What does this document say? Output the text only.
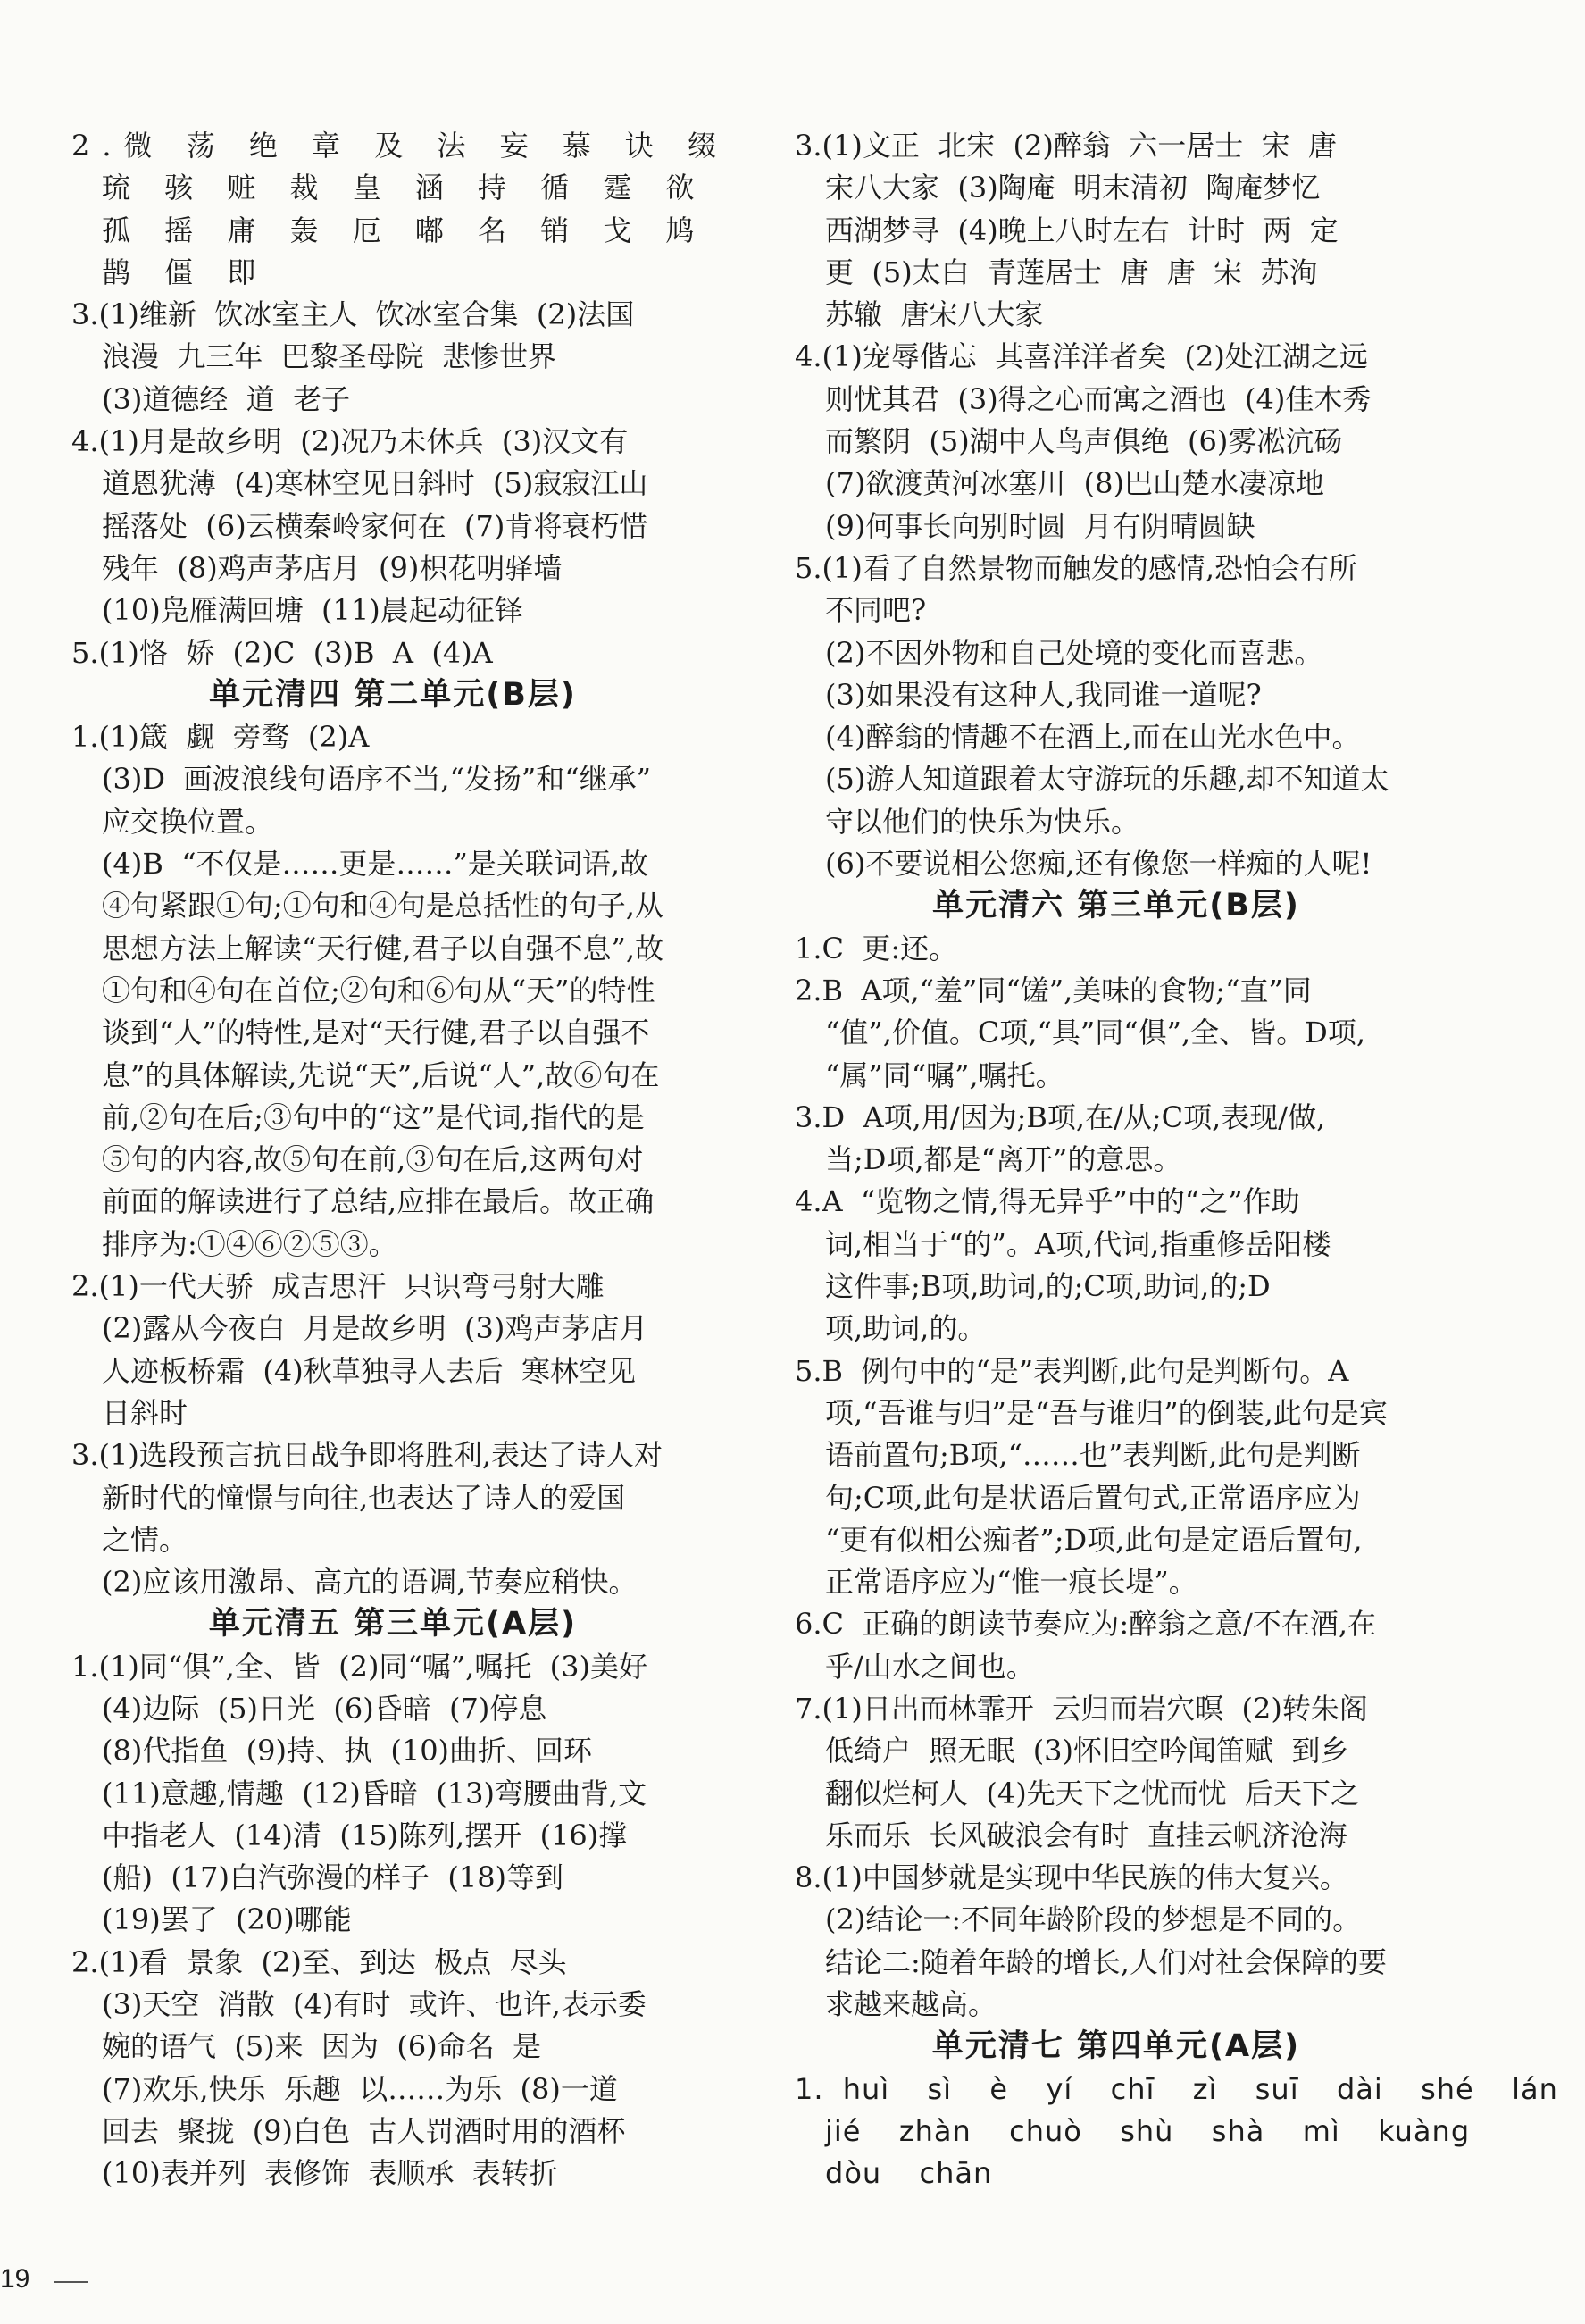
2.微 荡 绝 章 及 法 妄 慕 诀 缀
琉 骇 赃 裁 皇 涵 持 循 霆 欲
孤 摇 庸 轰 厄 嘟 名 销 戈 鸠
鹊 僵 即
3.(1)维新  饮冰室主人  饮冰室合集  (2)法国
浪漫  九三年  巴黎圣母院  悲惨世界
(3)道德经  道  老子
4.(1)月是故乡明  (2)况乃未休兵  (3)汉文有
道恩犹薄  (4)寒林空见日斜时  (5)寂寂江山
摇落处  (6)云横秦岭家何在  (7)肯将衰朽惜
残年  (8)鸡声茅店月  (9)枳花明驿墙
(10)凫雁满回塘  (11)晨起动征铎
5.(1)恪  娇  (2)C  (3)B  A  (4)A
单元清四 第二单元(B层)
1.(1)箴  觑  旁骛  (2)A
(3)D  画波浪线句语序不当,“发扬”和“继承”
应交换位置。
(4)B  “不仅是……更是……”是关联词语,故
④句紧跟①句;①句和④句是总括性的句子,从
思想方法上解读“天行健,君子以自强不息”,故
①句和④句在首位;②句和⑥句从“天”的特性
谈到“人”的特性,是对“天行健,君子以自强不
息”的具体解读,先说“天”,后说“人”,故⑥句在
前,②句在后;③句中的“这”是代词,指代的是
⑤句的内容,故⑤句在前,③句在后,这两句对
前面的解读进行了总结,应排在最后。故正确
排序为:①④⑥②⑤③。
2.(1)一代天骄  成吉思汗  只识弯弓射大雕
(2)露从今夜白  月是故乡明  (3)鸡声茅店月
人迹板桥霜  (4)秋草独寻人去后  寒林空见
日斜时
3.(1)选段预言抗日战争即将胜利,表达了诗人对
新时代的憧憬与向往,也表达了诗人的爱国
之情。
(2)应该用激昂、高亢的语调,节奏应稍快。
单元清五 第三单元(A层)
1.(1)同“俱”,全、皆  (2)同“嘱”,嘱托  (3)美好
(4)边际  (5)日光  (6)昏暗  (7)停息
(8)代指鱼  (9)持、执  (10)曲折、回环
(11)意趣,情趣  (12)昏暗  (13)弯腰曲背,文
中指老人  (14)清  (15)陈列,摆开  (16)撑
(船)  (17)白汽弥漫的样子  (18)等到
(19)罢了  (20)哪能
2.(1)看  景象  (2)至、到达  极点  尽头
(3)天空  消散  (4)有时  或许、也许,表示委
婉的语气  (5)来  因为  (6)命名  是
(7)欢乐,快乐  乐趣  以……为乐  (8)一道
回去  聚拢  (9)白色  古人罚酒时用的酒杯
(10)表并列  表修饰  表顺承  表转折
3.(1)文正  北宋  (2)醉翁  六一居士  宋  唐
宋八大家  (3)陶庵  明末清初  陶庵梦忆
西湖梦寻  (4)晚上八时左右  计时  两  定
更  (5)太白  青莲居士  唐  唐  宋  苏洵
苏辙  唐宋八大家
4.(1)宠辱偕忘  其喜洋洋者矣  (2)处江湖之远
则忧其君  (3)得之心而寓之酒也  (4)佳木秀
而繁阴  (5)湖中人鸟声俱绝  (6)雾凇沆砀
(7)欲渡黄河冰塞川  (8)巴山楚水凄凉地
(9)何事长向别时圆  月有阴晴圆缺
5.(1)看了自然景物而触发的感情,恐怕会有所
不同吧?
(2)不因外物和自己处境的变化而喜悲。
(3)如果没有这种人,我同谁一道呢?
(4)醉翁的情趣不在酒上,而在山光水色中。
(5)游人知道跟着太守游玩的乐趣,却不知道太
守以他们的快乐为快乐。
(6)不要说相公您痴,还有像您一样痴的人呢!
单元清六 第三单元(B层)
1.C  更:还。
2.B  A项,“羞”同“馐”,美味的食物;“直”同
“值”,价值。C项,“具”同“俱”,全、皆。D项,
“属”同“嘱”,嘱托。
3.D  A项,用/因为;B项,在/从;C项,表现/做,
当;D项,都是“离开”的意思。
4.A  “览物之情,得无异乎”中的“之”作助
词,相当于“的”。A项,代词,指重修岳阳楼
这件事;B项,助词,的;C项,助词,的;D
项,助词,的。
5.B  例句中的“是”表判断,此句是判断句。A
项,“吾谁与归”是“吾与谁归”的倒装,此句是宾
语前置句;B项,“……也”表判断,此句是判断
句;C项,此句是状语后置句式,正常语序应为
“更有似相公痴者”;D项,此句是定语后置句,
正常语序应为“惟一痕长堤”。
6.C  正确的朗读节奏应为:醉翁之意/不在酒,在
乎/山水之间也。
7.(1)日出而林霏开  云归而岩穴暝  (2)转朱阁
低绮户  照无眠  (3)怀旧空吟闻笛赋  到乡
翻似烂柯人  (4)先天下之忧而忧  后天下之
乐而乐  长风破浪会有时  直挂云帆济沧海
8.(1)中国梦就是实现中华民族的伟大复兴。
(2)结论一:不同年龄阶段的梦想是不同的。
结论二:随着年龄的增长,人们对社会保障的要
求越来越高。
单元清七 第四单元(A层)
1. huì  sì  è  yí  chī  zì  suī  dài  shé  lán
jié  zhàn  chuò  shù  shà  mì  kuàng
dòu  chān
19
